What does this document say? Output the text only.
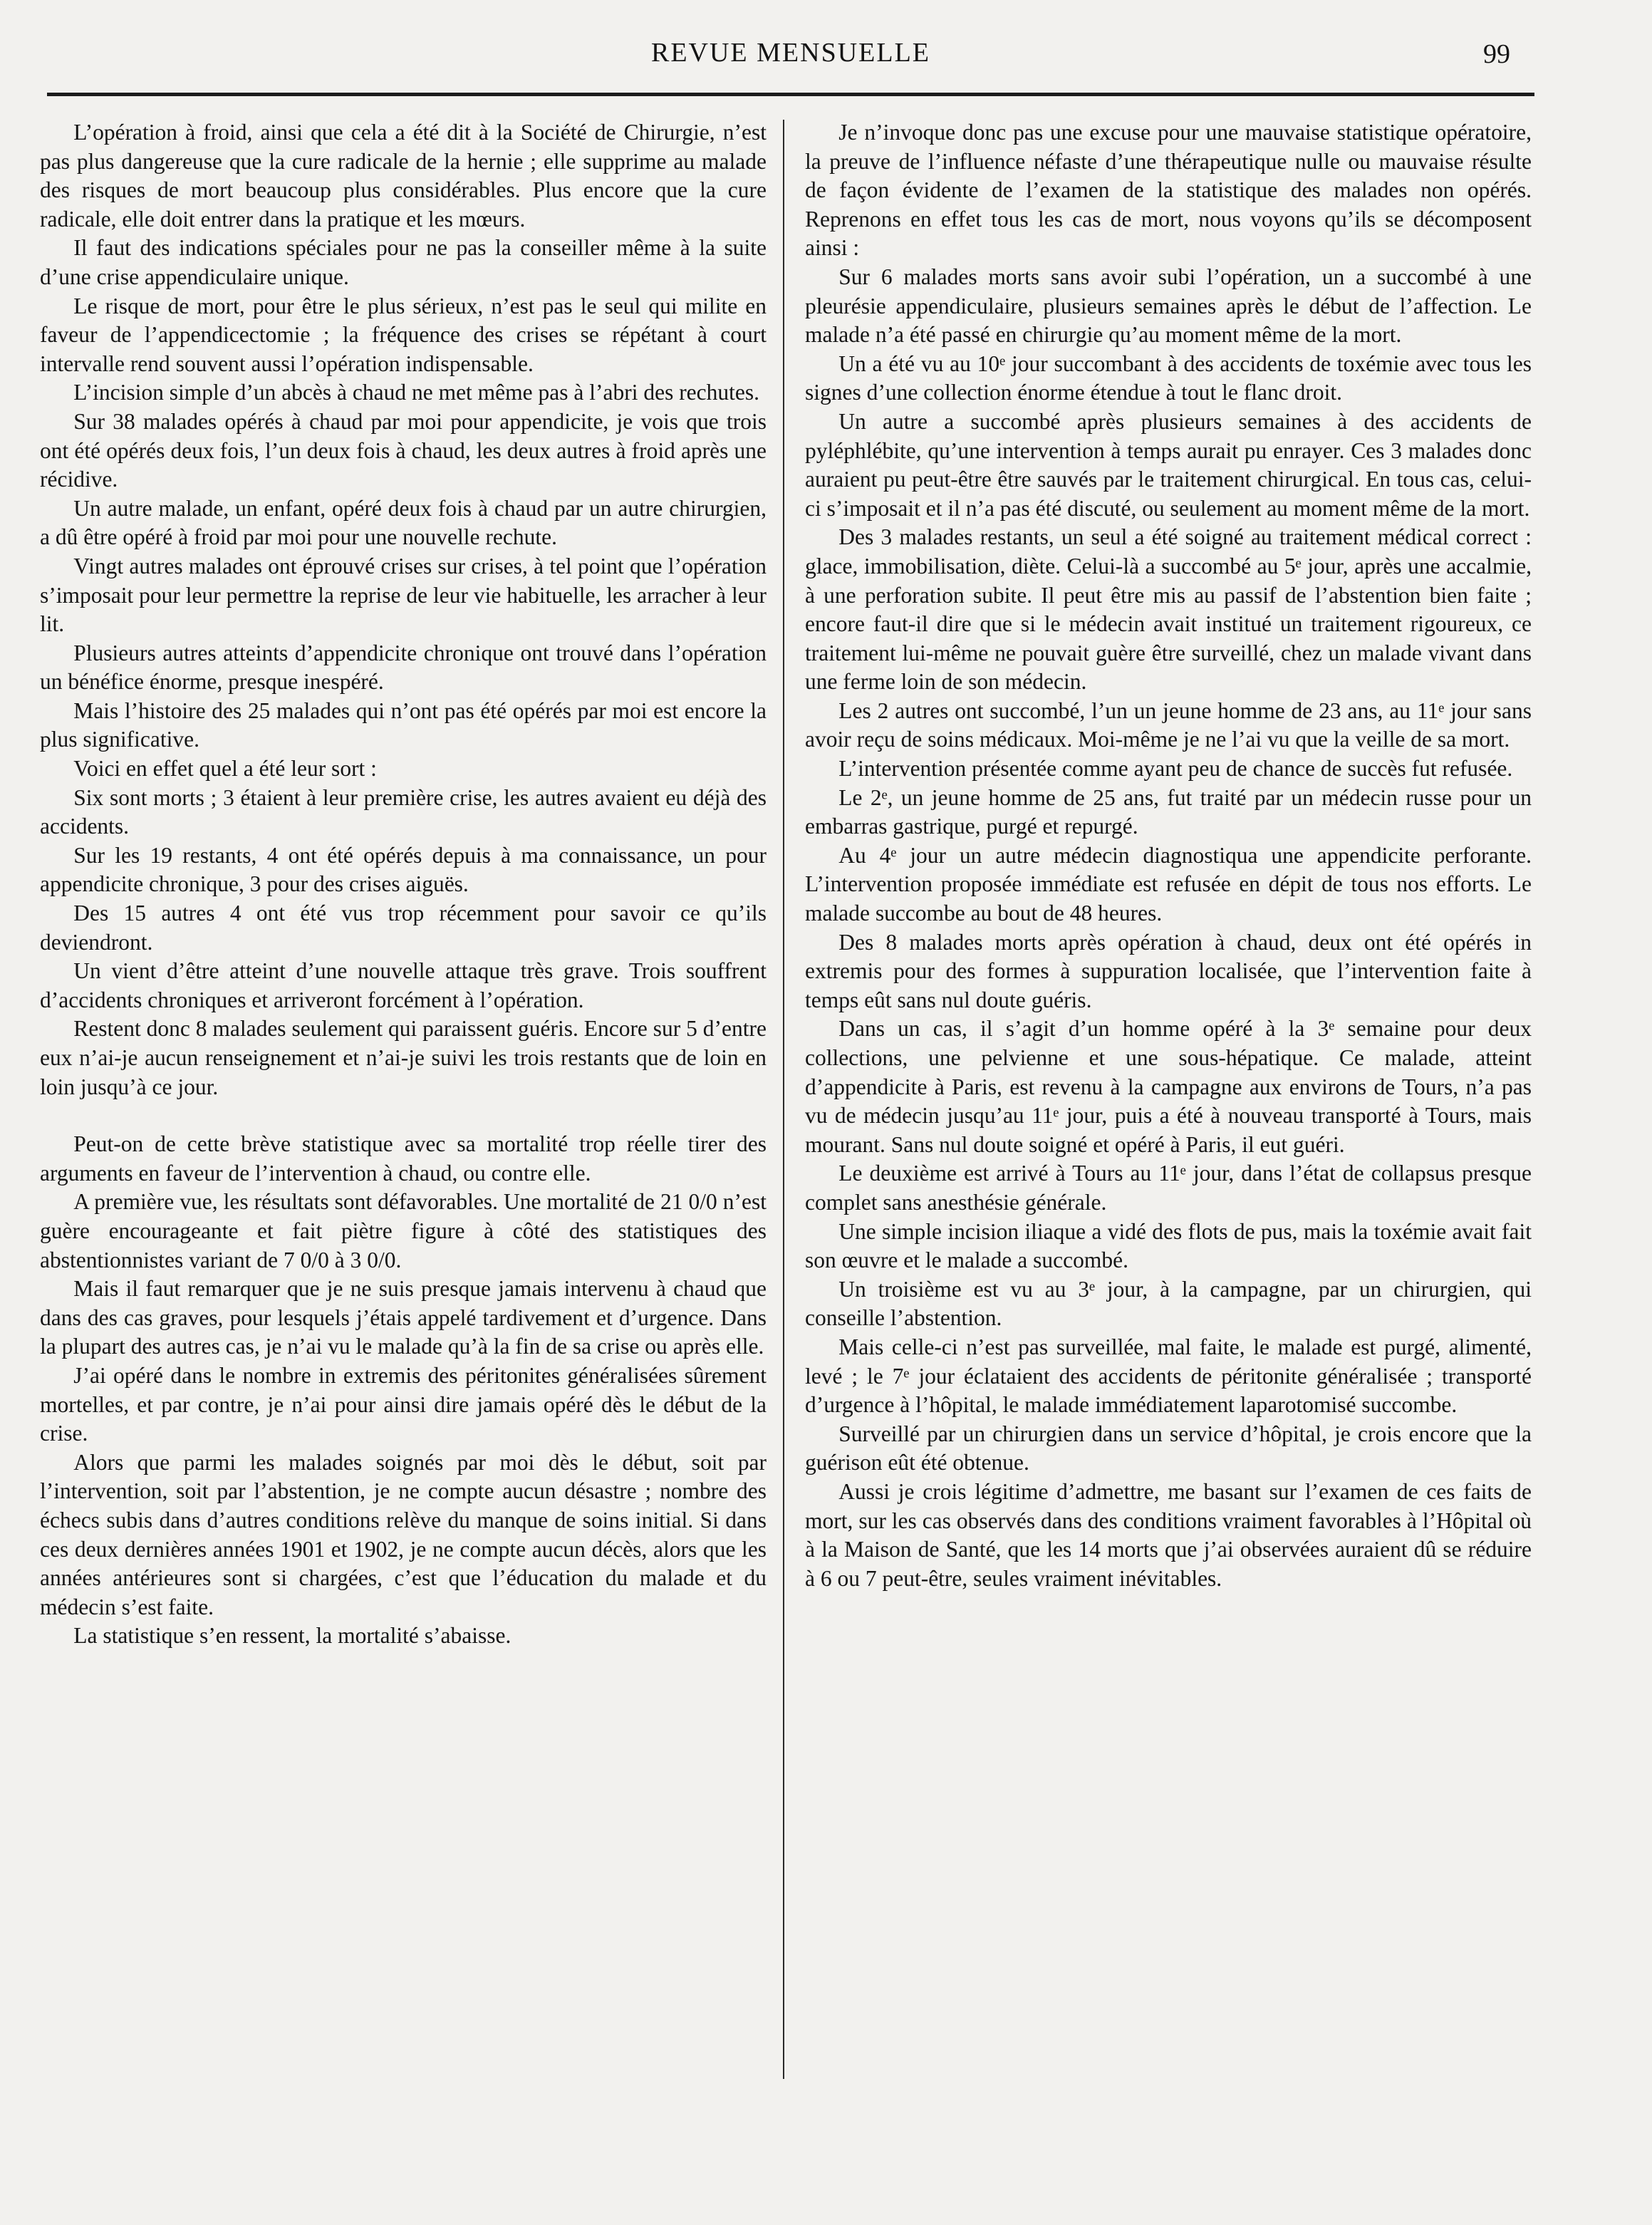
REVUE MENSUELLE	99

L’opération à froid, ainsi que cela a été dit à la Société de Chirurgie, n’est pas plus dangereuse que la cure radicale de la hernie ; elle supprime au malade des risques de mort beaucoup plus considérables. Plus encore que la cure radicale, elle doit entrer dans la pratique et les mœurs.

Il faut des indications spéciales pour ne pas la conseiller même à la suite d’une crise appendiculaire unique.

Le risque de mort, pour être le plus sérieux, n’est pas le seul qui milite en faveur de l’appendicectomie ; la fréquence des crises se répétant à court intervalle rend souvent aussi l’opération indispensable.

L’incision simple d’un abcès à chaud ne met même pas à l’abri des rechutes.

Sur 38 malades opérés à chaud par moi pour appendicite, je vois que trois ont été opérés deux fois, l’un deux fois à chaud, les deux autres à froid après une récidive.

Un autre malade, un enfant, opéré deux fois à chaud par un autre chirurgien, a dû être opéré à froid par moi pour une nouvelle rechute.

Vingt autres malades ont éprouvé crises sur crises, à tel point que l’opération s’imposait pour leur permettre la reprise de leur vie habituelle, les arracher à leur lit.

Plusieurs autres atteints d’appendicite chronique ont trouvé dans l’opération un bénéfice énorme, presque inespéré.

Mais l’histoire des 25 malades qui n’ont pas été opérés par moi est encore la plus significative.

Voici en effet quel a été leur sort :

Six sont morts ; 3 étaient à leur première crise, les autres avaient eu déjà des accidents.

Sur les 19 restants, 4 ont été opérés depuis à ma connaissance, un pour appendicite chronique, 3 pour des crises aiguës.

Des 15 autres 4 ont été vus trop récemment pour savoir ce qu’ils deviendront.

Un vient d’être atteint d’une nouvelle attaque très grave. Trois souffrent d’accidents chroniques et arriveront forcément à l’opération.

Restent donc 8 malades seulement qui paraissent guéris. Encore sur 5 d’entre eux n’ai-je aucun renseignement et n’ai-je suivi les trois restants que de loin en loin jusqu’à ce jour.

Peut-on de cette brève statistique avec sa mortalité trop réelle tirer des arguments en faveur de l’intervention à chaud, ou contre elle.

A première vue, les résultats sont défavorables. Une mortalité de 21 0/0 n’est guère encourageante et fait piètre figure à côté des statistiques des abstentionnistes variant de 7 0/0 à 3 0/0.

Mais il faut remarquer que je ne suis presque jamais intervenu à chaud que dans des cas graves, pour lesquels j’étais appelé tardivement et d’urgence. Dans la plupart des autres cas, je n’ai vu le malade qu’à la fin de sa crise ou après elle.

J’ai opéré dans le nombre in extremis des péritonites généralisées sûrement mortelles, et par contre, je n’ai pour ainsi dire jamais opéré dès le début de la crise.

Alors que parmi les malades soignés par moi dès le début, soit par l’intervention, soit par l’abstention, je ne compte aucun désastre ; nombre des échecs subis dans d’autres conditions relève du manque de soins initial. Si dans ces deux dernières années 1901 et 1902, je ne compte aucun décès, alors que les années antérieures sont si chargées, c’est que l’éducation du malade et du médecin s’est faite.

La statistique s’en ressent, la mortalité s’abaisse.

Je n’invoque donc pas une excuse pour une mauvaise statistique opératoire, la preuve de l’influence néfaste d’une thérapeutique nulle ou mauvaise résulte de façon évidente de l’examen de la statistique des malades non opérés. Reprenons en effet tous les cas de mort, nous voyons qu’ils se décomposent ainsi :

Sur 6 malades morts sans avoir subi l’opération, un a succombé à une pleurésie appendiculaire, plusieurs semaines après le début de l’affection. Le malade n’a été passé en chirurgie qu’au moment même de la mort.

Un a été vu au 10ᵉ jour succombant à des accidents de toxémie avec tous les signes d’une collection énorme étendue à tout le flanc droit.

Un autre a succombé après plusieurs semaines à des accidents de pyléphlébite, qu’une intervention à temps aurait pu enrayer. Ces 3 malades donc auraient pu peut-être être sauvés par le traitement chirurgical. En tous cas, celui-ci s’imposait et il n’a pas été discuté, ou seulement au moment même de la mort.

Des 3 malades restants, un seul a été soigné au traitement médical correct : glace, immobilisation, diète. Celui-là a succombé au 5ᵉ jour, après une accalmie, à une perforation subite. Il peut être mis au passif de l’abstention bien faite ; encore faut-il dire que si le médecin avait institué un traitement rigoureux, ce traitement lui-même ne pouvait guère être surveillé, chez un malade vivant dans une ferme loin de son médecin.

Les 2 autres ont succombé, l’un un jeune homme de 23 ans, au 11ᵉ jour sans avoir reçu de soins médicaux. Moi-même je ne l’ai vu que la veille de sa mort.

L’intervention présentée comme ayant peu de chance de succès fut refusée.

Le 2ᵉ, un jeune homme de 25 ans, fut traité par un médecin russe pour un embarras gastrique, purgé et repurgé.

Au 4ᵉ jour un autre médecin diagnostiqua une appendicite perforante. L’intervention proposée immédiate est refusée en dépit de tous nos efforts. Le malade succombe au bout de 48 heures.

Des 8 malades morts après opération à chaud, deux ont été opérés in extremis pour des formes à suppuration localisée, que l’intervention faite à temps eût sans nul doute guéris.

Dans un cas, il s’agit d’un homme opéré à la 3ᵉ semaine pour deux collections, une pelvienne et une sous-hépatique. Ce malade, atteint d’appendicite à Paris, est revenu à la campagne aux environs de Tours, n’a pas vu de médecin jusqu’au 11ᵉ jour, puis a été à nouveau transporté à Tours, mais mourant. Sans nul doute soigné et opéré à Paris, il eut guéri.

Le deuxième est arrivé à Tours au 11ᵉ jour, dans l’état de collapsus presque complet sans anesthésie générale.

Une simple incision iliaque a vidé des flots de pus, mais la toxémie avait fait son œuvre et le malade a succombé.

Un troisième est vu au 3ᵉ jour, à la campagne, par un chirurgien, qui conseille l’abstention.

Mais celle-ci n’est pas surveillée, mal faite, le malade est purgé, alimenté, levé ; le 7ᵉ jour éclataient des accidents de péritonite généralisée ; transporté d’urgence à l’hôpital, le malade immédiatement laparotomisé succombe.

Surveillé par un chirurgien dans un service d’hôpital, je crois encore que la guérison eût été obtenue.

Aussi je crois légitime d’admettre, me basant sur l’examen de ces faits de mort, sur les cas observés dans des conditions vraiment favorables à l’Hôpital où à la Maison de Santé, que les 14 morts que j’ai observées auraient dû se réduire à 6 ou 7 peut-être, seules vraiment inévitables.
